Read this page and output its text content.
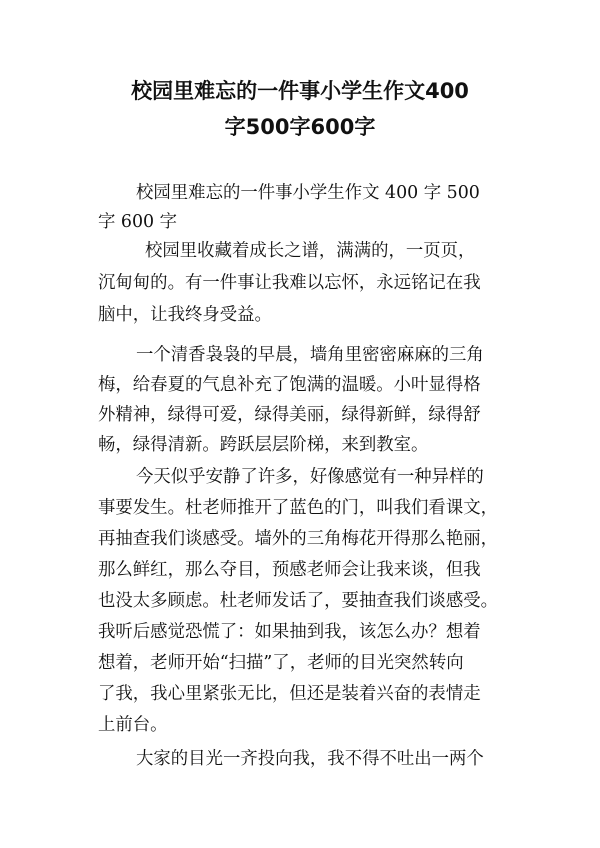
校园里难忘的一件事小学生作文400
字500字600字

校园里难忘的一件事小学生作文 400 字 500

字 600 字

校园里收藏着成长之谱，满满的，一页页，

沉甸甸的。有一件事让我难以忘怀，永远铭记在我

脑中，让我终身受益。

一个清香袅袅的早晨，墙角里密密麻麻的三角

梅，给春夏的气息补充了饱满的温暖。小叶显得格

外精神，绿得可爱，绿得美丽，绿得新鲜，绿得舒

畅，绿得清新。跨跃层层阶梯，来到教室。

今天似乎安静了许多，好像感觉有一种异样的

事要发生。杜老师推开了蓝色的门，叫我们看课文，

再抽查我们谈感受。墙外的三角梅花开得那么艳丽，

那么鲜红，那么夺目，预感老师会让我来谈，但我

也没太多顾虑。杜老师发话了，要抽查我们谈感受。

我听后感觉恐慌了：如果抽到我，该怎么办？想着

想着，老师开始“扫描”了，老师的目光突然转向

了我，我心里紧张无比，但还是装着兴奋的表情走

上前台。

大家的目光一齐投向我，我不得不吐出一两个
